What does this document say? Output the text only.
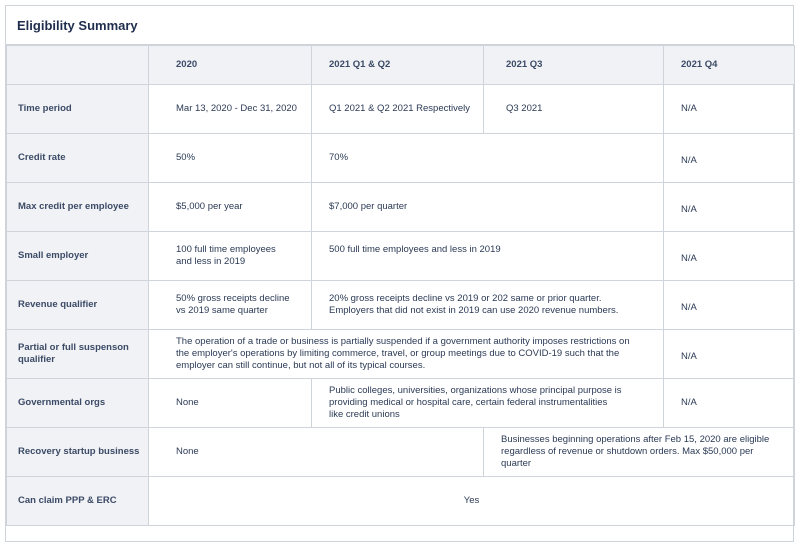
Eligibility Summary
	2020	2021 Q1 & Q2	2021 Q3	2021 Q4
Time period	Mar 13, 2020 - Dec 31, 2020	Q1 2021 & Q2 2021 Respectively	Q3 2021	N/A
Credit rate	50%	70%		N/A
Max credit per employee	$5,000 per year	$7,000 per quarter		N/A
Small employer	100 full time employees and less in 2019	500 full time employees and less in 2019		N/A
Revenue qualifier	50% gross receipts decline vs 2019 same quarter	20% gross receipts decline vs 2019 or 202 same or prior quarter. Employers that did not exist in 2019 can use 2020 revenue numbers.		N/A
Partial or full suspenson qualifier	The operation of a trade or business is partially suspended if a government authority imposes restrictions on the employer's operations by limiting commerce, travel, or group meetings due to COVID-19 such that the employer can still continue, but not all of its typical courses.			N/A
Governmental orgs	None	Public colleges, universities, organizations whose principal purpose is providing medical or hospital care, certain federal instrumentalities like credit unions		N/A
Recovery startup business	None		Businesses beginning operations after Feb 15, 2020 are eligible regardless of revenue or shutdown orders. Max $50,000 per quarter	
Can claim PPP & ERC	Yes			
